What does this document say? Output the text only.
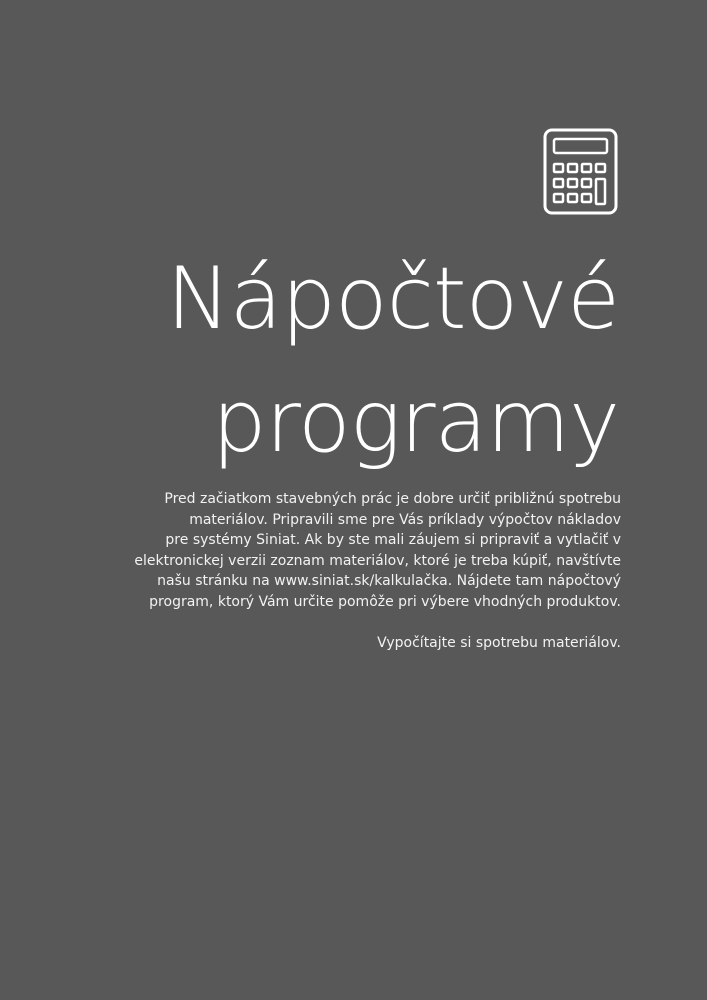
Nápočtové
programy
Pred začiatkom stavebných prác je dobre určiť približnú spotrebu
materiálov. Pripravili sme pre Vás príklady výpočtov nákladov
pre systémy Siniat. Ak by ste mali záujem si pripraviť a vytlačiť v
elektronickej verzii zoznam materiálov, ktoré je treba kúpiť, navštívte
našu stránku na www.siniat.sk/kalkulačka. Nájdete tam nápočtový
program, ktorý Vám určite pomôže pri výbere vhodných produktov.
Vypočítajte si spotrebu materiálov.
